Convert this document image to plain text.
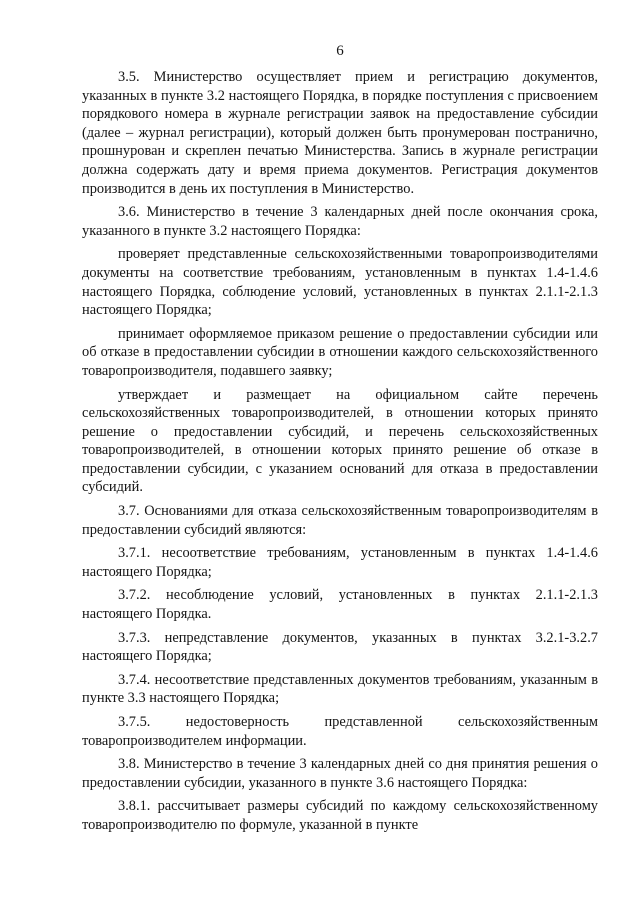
6

3.5. Министерство осуществляет прием и регистрацию документов, указанных в пункте 3.2 настоящего Порядка, в порядке поступления с присвоением порядкового номера в журнале регистрации заявок на предоставление субсидии (далее – журнал регистрации), который должен быть пронумерован постранично, прошнурован и скреплен печатью Министерства. Запись в журнале регистрации должна содержать дату и время приема документов. Регистрация документов производится в день их поступления в Министерство.

3.6. Министерство в течение 3 календарных дней после окончания срока, указанного в пункте 3.2 настоящего Порядка:

проверяет представленные сельскохозяйственными товаропроизводителями документы на соответствие требованиям, установленным в пунктах 1.4-1.4.6 настоящего Порядка, соблюдение условий, установленных в пунктах 2.1.1-2.1.3 настоящего Порядка;

принимает оформляемое приказом решение о предоставлении субсидии или об отказе в предоставлении субсидии в отношении каждого сельскохозяйственного товаропроизводителя, подавшего заявку;

утверждает и размещает на официальном сайте перечень сельскохозяйственных товаропроизводителей, в отношении которых принято решение о предоставлении субсидий, и перечень сельскохозяйственных товаропроизводителей, в отношении которых принято решение об отказе в предоставлении субсидии, с указанием оснований для отказа в предоставлении субсидий.

3.7. Основаниями для отказа сельскохозяйственным товаропроизводителям в предоставлении субсидий являются:

3.7.1. несоответствие требованиям, установленным в пунктах 1.4-1.4.6 настоящего Порядка;

3.7.2. несоблюдение условий, установленных в пунктах 2.1.1-2.1.3 настоящего Порядка.

3.7.3. непредставление документов, указанных в пунктах 3.2.1-3.2.7 настоящего Порядка;

3.7.4. несоответствие представленных документов требованиям, указанным в пункте 3.3 настоящего Порядка;

3.7.5. недостоверность представленной сельскохозяйственным товаропроизводителем информации.

3.8. Министерство в течение 3 календарных дней со дня принятия решения о предоставлении субсидии, указанного в пункте 3.6 настоящего Порядка:

3.8.1. рассчитывает размеры субсидий по каждому сельскохозяйственному товаропроизводителю по формуле, указанной в пункте
